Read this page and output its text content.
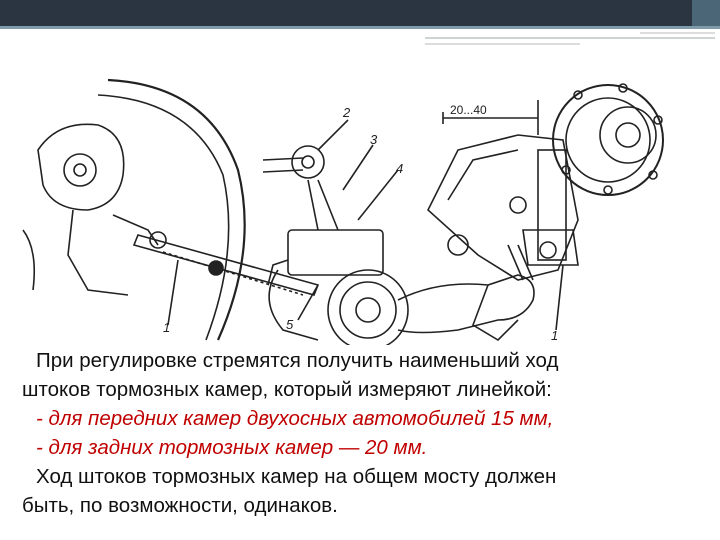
2
3
4
5
1
1
20...40

При регулировке стремятся получить наименьший ход

штоков тормозных камер, который измеряют линейкой:

- для передних камер двухосных автомобилей 15 мм,

- для задних тормозных камер — 20 мм.

Ход штоков тормозных камер на общем мосту должен

быть, по возможности, одинаков.
